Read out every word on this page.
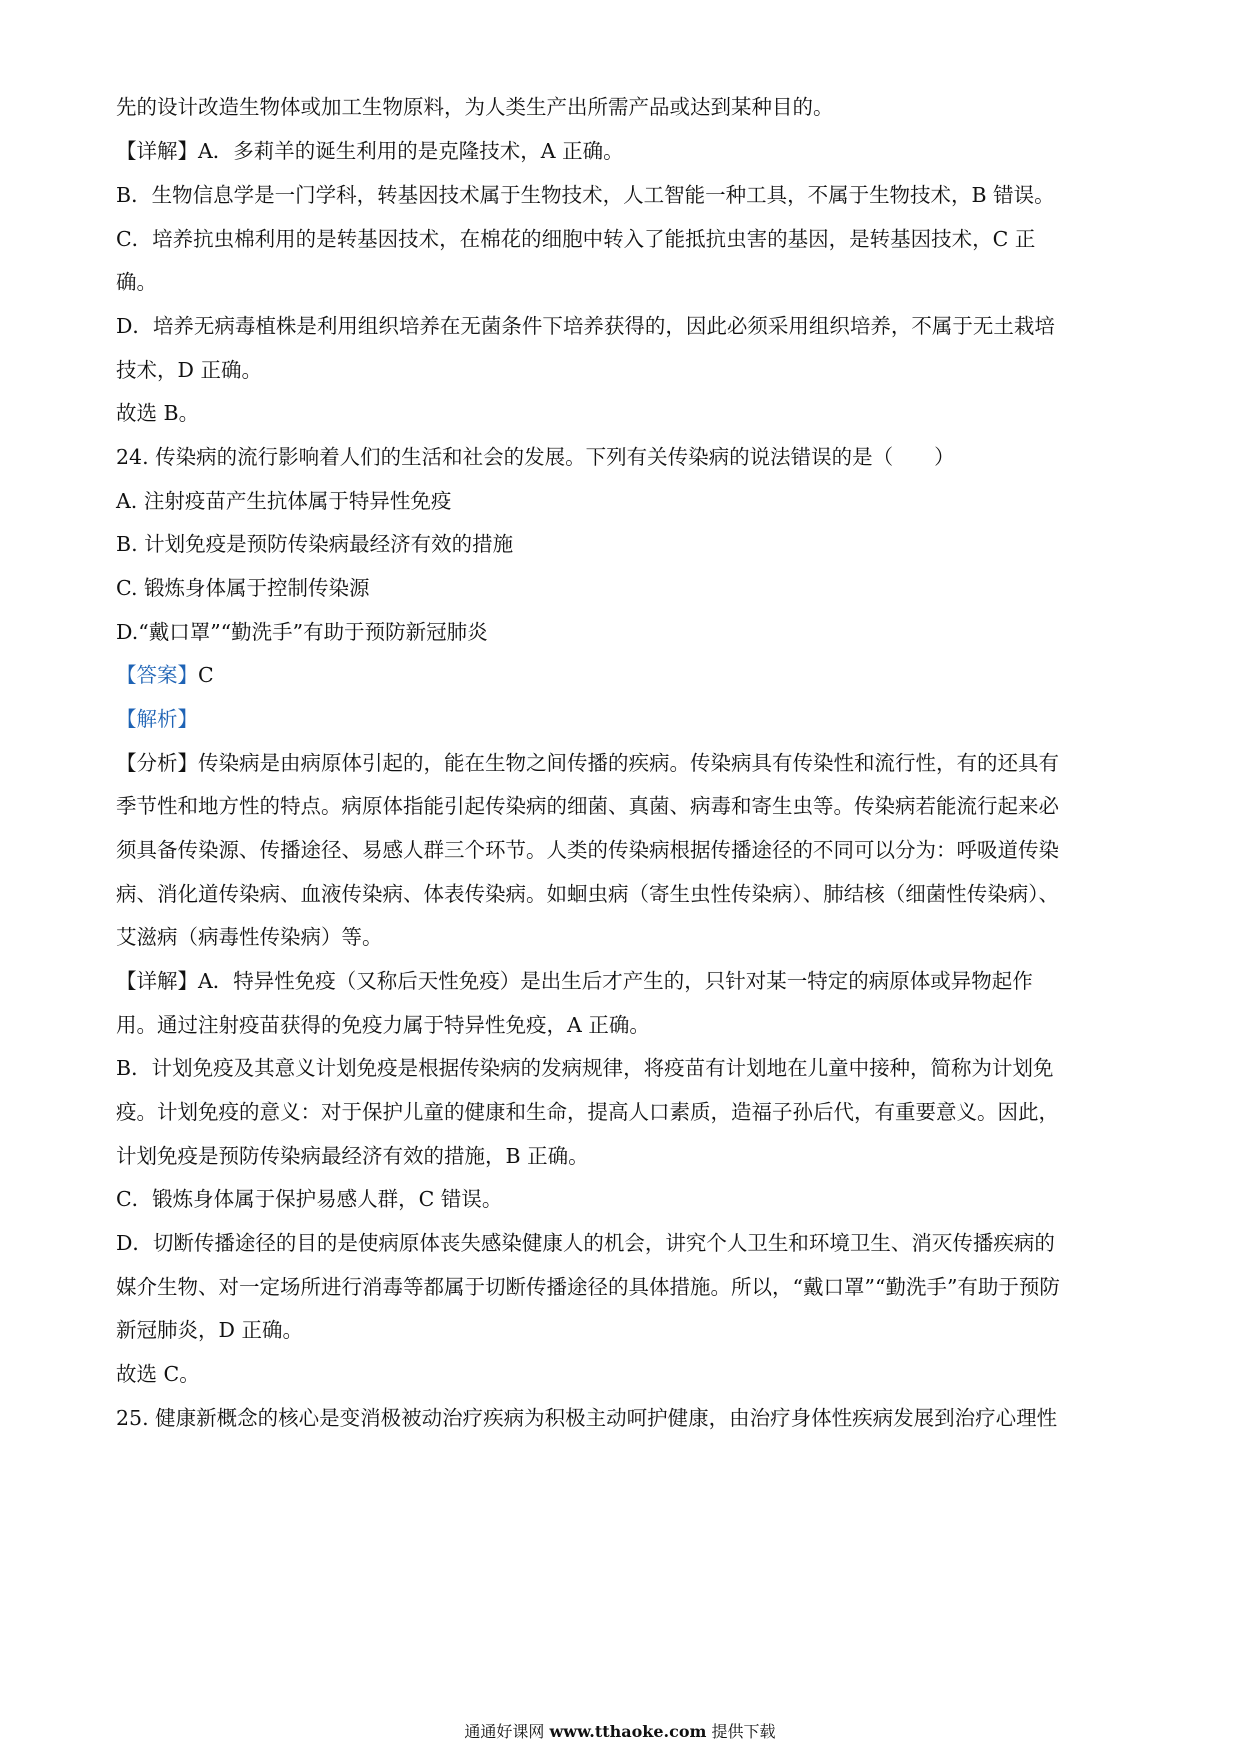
先的设计改造生物体或加工生物原料，为人类生产出所需产品或达到某种目的。
【详解】A．多莉羊的诞生利用的是克隆技术，A 正确。
B．生物信息学是一门学科，转基因技术属于生物技术，人工智能一种工具，不属于生物技术，B 错误。
C．培养抗虫棉利用的是转基因技术，在棉花的细胞中转入了能抵抗虫害的基因，是转基因技术，C 正
确。
D．培养无病毒植株是利用组织培养在无菌条件下培养获得的，因此必须采用组织培养，不属于无土栽培
技术，D 正确。
故选 B。
24. 传染病的流行影响着人们的生活和社会的发展。下列有关传染病的说法错误的是（　　）
A. 注射疫苗产生抗体属于特异性免疫
B. 计划免疫是预防传染病最经济有效的措施
C. 锻炼身体属于控制传染源
D.“戴口罩”“勤洗手”有助于预防新冠肺炎
【答案】C
【解析】
【分析】传染病是由病原体引起的，能在生物之间传播的疾病。传染病具有传染性和流行性，有的还具有
季节性和地方性的特点。病原体指能引起传染病的细菌、真菌、病毒和寄生虫等。传染病若能流行起来必
须具备传染源、传播途径、易感人群三个环节。人类的传染病根据传播途径的不同可以分为：呼吸道传染
病、消化道传染病、血液传染病、体表传染病。如蛔虫病（寄生虫性传染病）、肺结核（细菌性传染病）、
艾滋病（病毒性传染病）等。
【详解】A．特异性免疫（又称后天性免疫）是出生后才产生的，只针对某一特定的病原体或异物起作
用。通过注射疫苗获得的免疫力属于特异性免疫，A 正确。
B．计划免疫及其意义计划免疫是根据传染病的发病规律，将疫苗有计划地在儿童中接种，简称为计划免
疫。计划免疫的意义：对于保护儿童的健康和生命，提高人口素质，造福子孙后代，有重要意义。因此，
计划免疫是预防传染病最经济有效的措施，B 正确。
C．锻炼身体属于保护易感人群，C 错误。
D．切断传播途径的目的是使病原体丧失感染健康人的机会，讲究个人卫生和环境卫生、消灭传播疾病的
媒介生物、对一定场所进行消毒等都属于切断传播途径的具体措施。所以，“戴口罩”“勤洗手”有助于预防
新冠肺炎，D 正确。
故选 C。
25. 健康新概念的核心是变消极被动治疗疾病为积极主动呵护健康，由治疗身体性疾病发展到治疗心理性
通通好课网 www.tthaoke.com 提供下载
